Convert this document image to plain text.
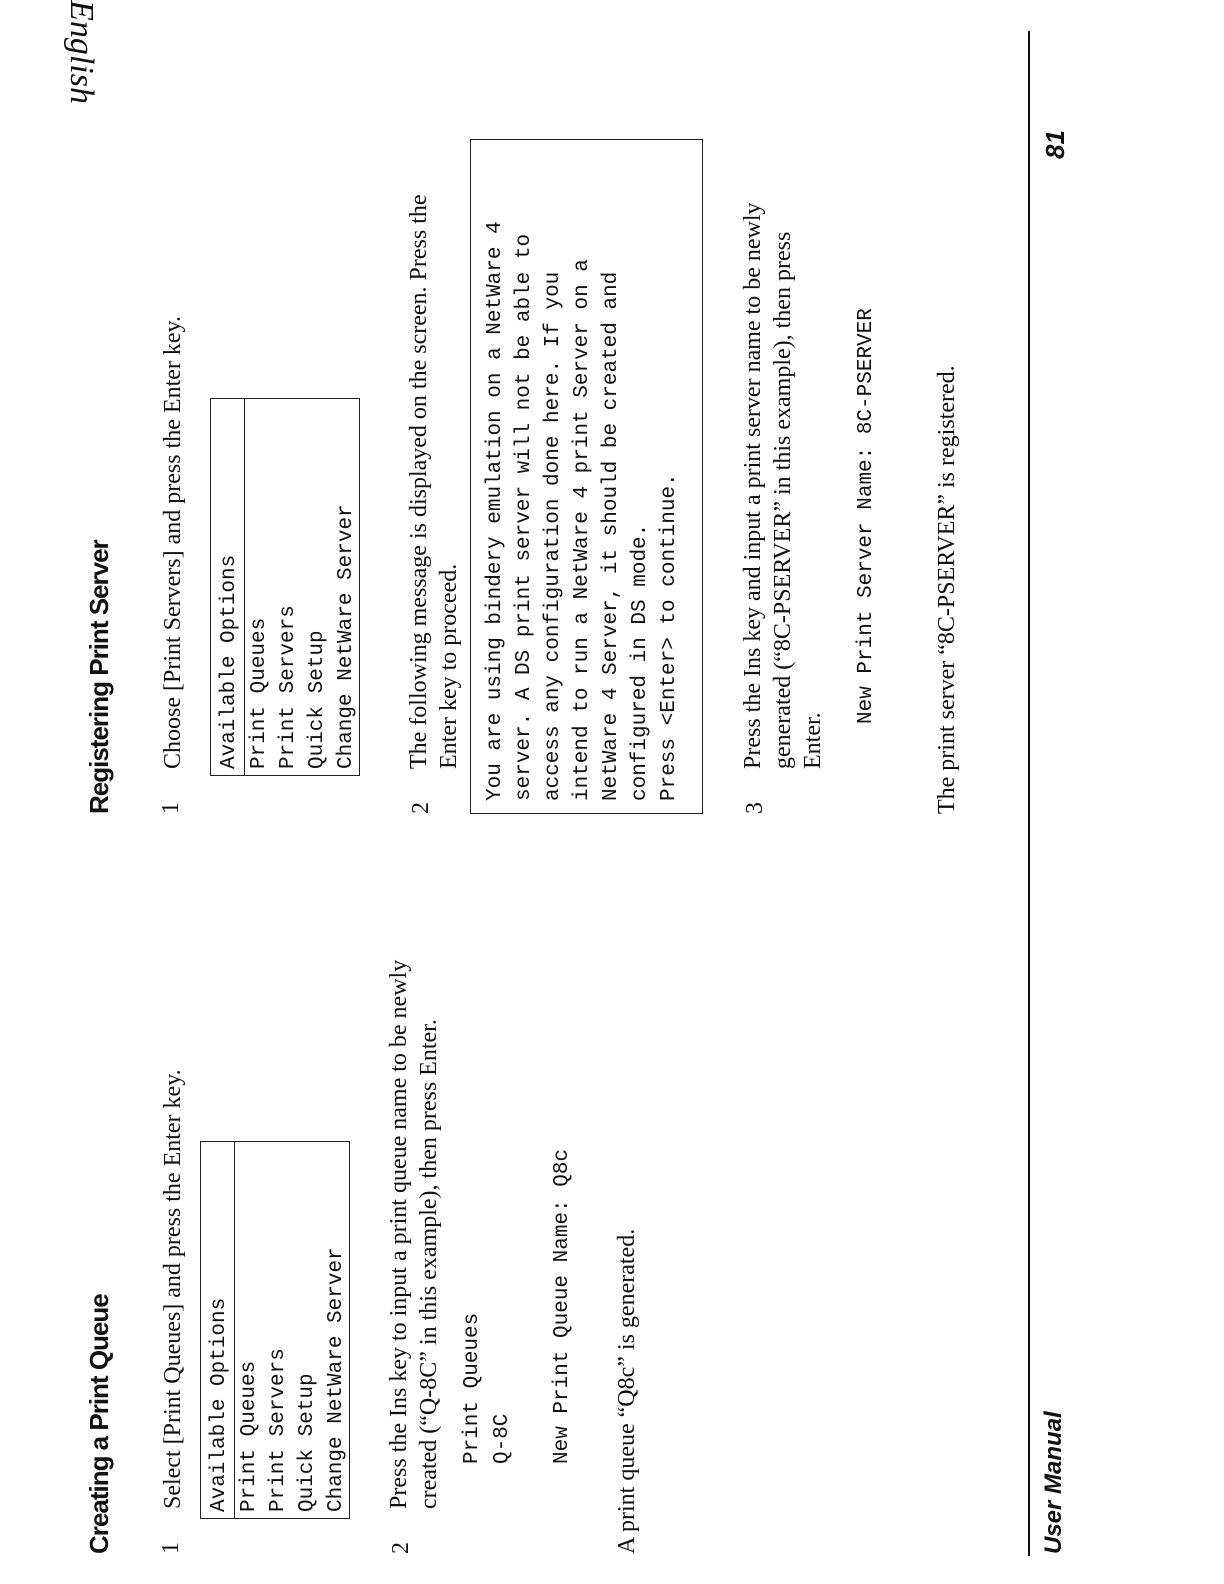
English
Creating a Print Queue 1
Select [Print Queues] and press the Enter key.	Available Options Print Queues Print Servers Quick Setup Change NetWare Server
2
Press the Ins key to input a print queue name to be newly created (“Q-8C” in this example), then press Enter. Print Queues Q-8C New Print Queue Name: Q8c A print queue “Q8c” is generated.
Registering Print Server 1
Choose [Print Servers] and press the Enter key.	Available Options Print Queues Print Servers Quick Setup Change NetWare Server
2
The following message is displayed on the screen. Press the Enter key to proceed. You are using bindery emulation on a NetWare 4 server. A DS print server will not be able to access any configuration done here. If you intend to run a NetWare 4 print Server on a NetWare 4 Server, it should be created and configured in DS mode. Press <Enter> to continue.
3
Press the Ins key and input a print server name to be newly generated (“8C-PSERVER” in this example), then press Enter.
New Print Server Name: 8C-PSERVER The print server “8C-PSERVER” is registered.
User Manual
81
